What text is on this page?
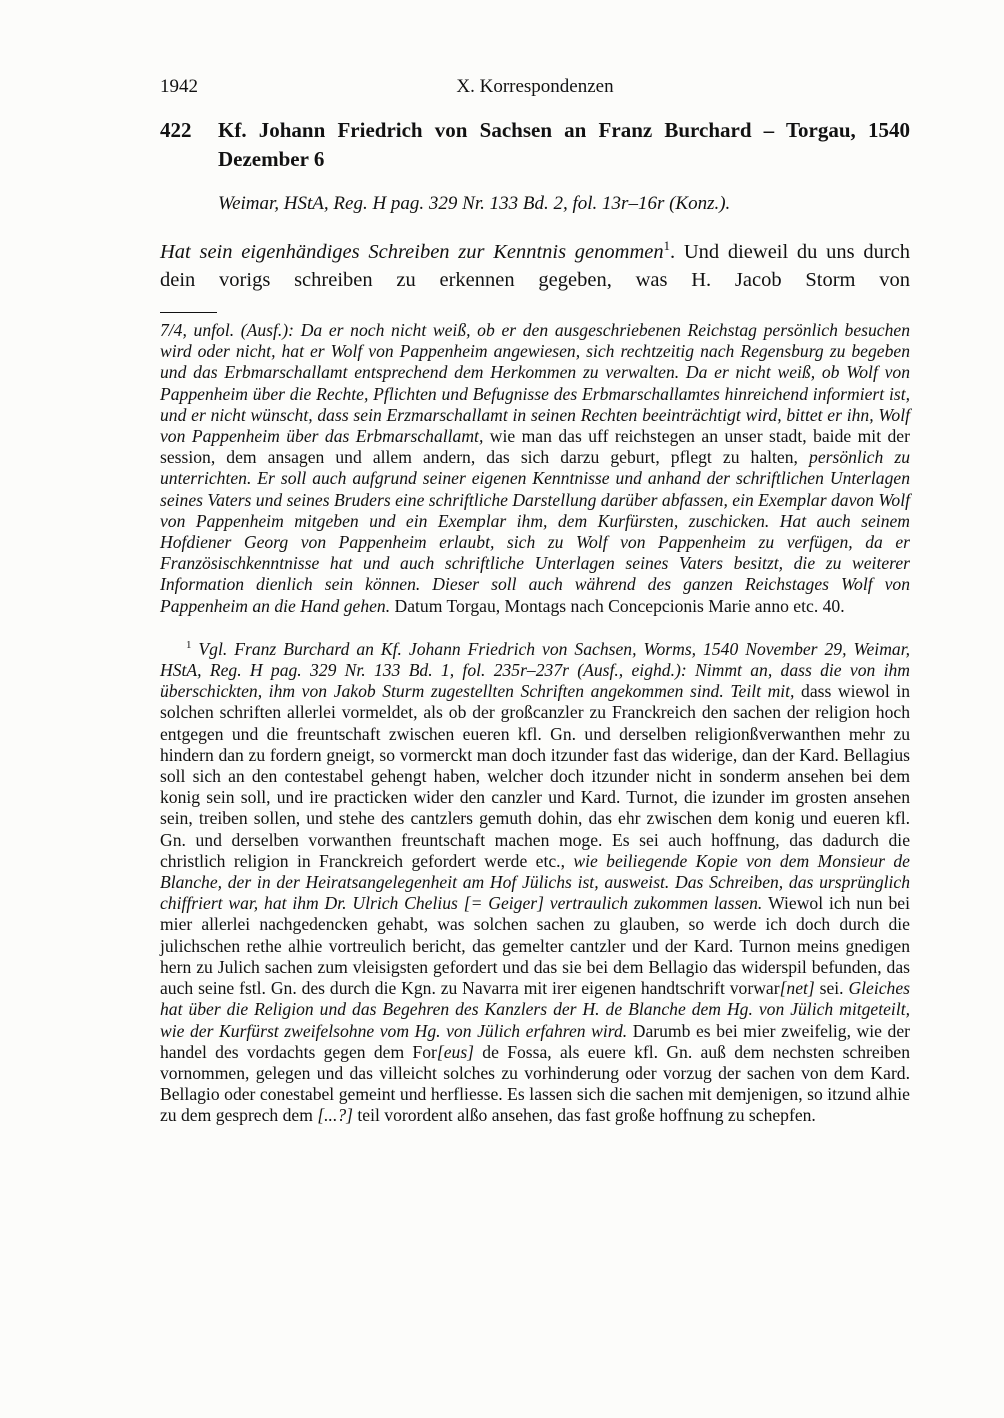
1942	X. Korrespondenzen
422	Kf. Johann Friedrich von Sachsen an Franz Burchard – Torgau, 1540 Dezember 6

Weimar, HStA, Reg. H pag. 329 Nr. 133 Bd. 2, fol. 13r–16r (Konz.).

Hat sein eigenhändiges Schreiben zur Kenntnis genommen$^1$. Und dieweil du uns durch dein vorigs schreiben zu erkennen gegeben, was H. Jacob Storm von

7/4, unfol. (Ausf.): Da er noch nicht weiß, ob er den ausgeschriebenen Reichstag persönlich besuchen wird oder nicht, hat er Wolf von Pappenheim angewiesen, sich rechtzeitig nach Regensburg zu begeben und das Erbmarschallamt entsprechend dem Herkommen zu verwalten. Da er nicht weiß, ob Wolf von Pappenheim über die Rechte, Pflichten und Befugnisse des Erbmarschallamtes hinreichend informiert ist, und er nicht wünscht, dass sein Erzmarschallamt in seinen Rechten beeinträchtigt wird, bittet er ihn, Wolf von Pappenheim über das Erbmarschallamt, wie man das uff reichstegen an unser stadt, baide mit der session, dem ansagen und allem andern, das sich darzu geburt, pflegt zu halten, persönlich zu unterrichten. Er soll auch aufgrund seiner eigenen Kenntnisse und anhand der schriftlichen Unterlagen seines Vaters und seines Bruders eine schriftliche Darstellung darüber abfassen, ein Exemplar davon Wolf von Pappenheim mitgeben und ein Exemplar ihm, dem Kurfürsten, zuschicken. Hat auch seinem Hofdiener Georg von Pappenheim erlaubt, sich zu Wolf von Pappenheim zu verfügen, da er Französischkenntnisse hat und auch schriftliche Unterlagen seines Vaters besitzt, die zu weiterer Information dienlich sein können. Dieser soll auch während des ganzen Reichstages Wolf von Pappenheim an die Hand gehen. Datum Torgau, Montags nach Concepcionis Marie anno etc. 40.

$^1$ Vgl. Franz Burchard an Kf. Johann Friedrich von Sachsen, Worms, 1540 November 29, Weimar, HStA, Reg. H pag. 329 Nr. 133 Bd. 1, fol. 235r–237r (Ausf., eighd.): Nimmt an, dass die von ihm überschickten, ihm von Jakob Sturm zugestellten Schriften angekommen sind. Teilt mit, dass wiewol in solchen schriften allerlei vormeldet, als ob der großcanzler zu Franckreich den sachen der religion hoch entgegen und die freuntschaft zwischen eueren kfl. Gn. und derselben religionßverwanthen mehr zu hindern dan zu fordern gneigt, so vormerckt man doch itzunder fast das widerige, dan der Kard. Bellagius soll sich an den contestabel gehengt haben, welcher doch itzunder nicht in sonderm ansehen bei dem konig sein soll, und ire practicken wider den canzler und Kard. Turnot, die izunder im grosten ansehen sein, treiben sollen, und stehe des cantzlers gemuth dohin, das ehr zwischen dem konig und eueren kfl. Gn. und derselben vorwanthen freuntschaft machen moge. Es sei auch hoffnung, das dadurch die christlich religion in Franckreich gefordert werde etc., wie beiliegende Kopie von dem Monsieur de Blanche, der in der Heiratsangelegenheit am Hof Jülichs ist, ausweist. Das Schreiben, das ursprünglich chiffriert war, hat ihm Dr. Ulrich Chelius [= Geiger] vertraulich zukommen lassen. Wiewol ich nun bei mier allerlei nachgedencken gehabt, was solchen sachen zu glauben, so werde ich doch durch die julichschen rethe alhie vortreulich bericht, das gemelter cantzler und der Kard. Turnon meins gnedigen hern zu Julich sachen zum vleisigsten gefordert und das sie bei dem Bellagio das widerspil befunden, das auch seine fstl. Gn. des durch die Kgn. zu Navarra mit irer eigenen handtschrift vorwar[net] sei. Gleiches hat über die Religion und das Begehren des Kanzlers der H. de Blanche dem Hg. von Jülich mitgeteilt, wie der Kurfürst zweifelsohne vom Hg. von Jülich erfahren wird. Darumb es bei mier zweifelig, wie der handel des vordachts gegen dem For[eus] de Fossa, als euere kfl. Gn. auß dem nechsten schreiben vornommen, gelegen und das villeicht solches zu vorhinderung oder vorzug der sachen von dem Kard. Bellagio oder conestabel gemeint und herfliesse. Es lassen sich die sachen mit demjenigen, so itzund alhie zu dem gesprech dem [...?] teil vorordent alßo ansehen, das fast große hoffnung zu schepfen.
